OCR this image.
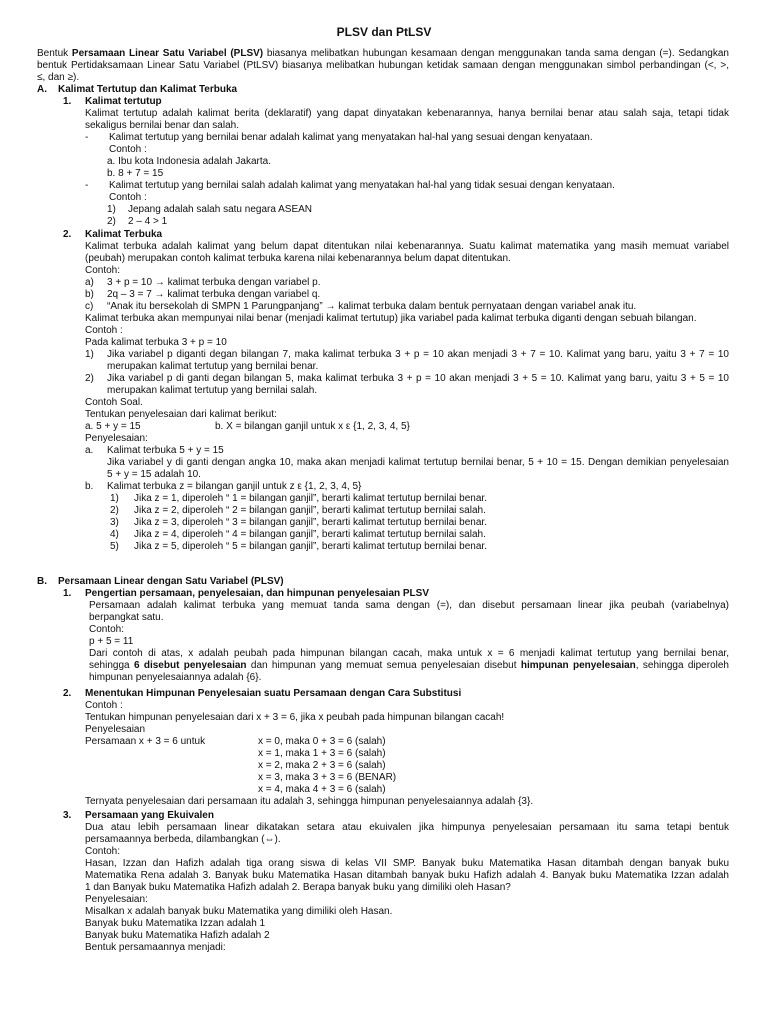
PLSV dan PtLSV
Bentuk Persamaan Linear Satu Variabel (PLSV) biasanya melibatkan hubungan kesamaan dengan menggunakan tanda sama dengan (=). Sedangkan
bentuk Pertidaksamaan Linear Satu Variabel (PtLSV) biasanya melibatkan hubungan ketidak samaan dengan menggunakan simbol perbandingan (<, >,
≤, dan ≥).
A. Kalimat Tertutup dan Kalimat Terbuka
1. Kalimat tertutup
Kalimat tertutup adalah kalimat berita (deklaratif) yang dapat dinyatakan kebenarannya, hanya bernilai benar atau salah saja, tetapi tidak
sekaligus bernilai benar dan salah.
- Kalimat tertutup yang bernilai benar adalah kalimat yang menyatakan hal-hal yang sesuai dengan kenyataan.
Contoh :
a. Ibu kota Indonesia adalah Jakarta.
b. 8 + 7 = 15
- Kalimat tertutup yang bernilai salah adalah kalimat yang menyatakan hal-hal yang tidak sesuai dengan kenyataan.
Contoh :
1) Jepang adalah salah satu negara ASEAN
2) 2 – 4 > 1
2. Kalimat Terbuka
Kalimat terbuka adalah kalimat yang belum dapat ditentukan nilai kebenarannya. Suatu kalimat matematika yang masih memuat variabel
(peubah) merupakan contoh kalimat terbuka karena nilai kebenarannya belum dapat ditentukan.
Contoh:
a) 3 + p = 10 → kalimat terbuka dengan variabel p.
b) 2q – 3 = 7 → kalimat terbuka dengan variabel q.
c) “Anak itu bersekolah di SMPN 1 Parungpanjang” → kalimat terbuka dalam bentuk pernyataan dengan variabel anak itu.
Kalimat terbuka akan mempunyai nilai benar (menjadi kalimat tertutup) jika variabel pada kalimat terbuka diganti dengan sebuah bilangan.
Contoh :
Pada kalimat terbuka 3 + p = 10
1) Jika variabel p diganti degan bilangan 7, maka kalimat terbuka 3 + p = 10 akan menjadi 3 + 7 = 10. Kalimat yang baru, yaitu 3 + 7 = 10
merupakan kalimat tertutup yang bernilai benar.
2) Jika variabel p di ganti degan bilangan 5, maka kalimat terbuka 3 + p = 10 akan menjadi 3 + 5 = 10. Kalimat yang baru, yaitu 3 + 5 = 10
merupakan kalimat tertutup yang bernilai salah.
Contoh Soal.
Tentukan penyelesaian dari kalimat berikut:
a. 5 + y = 15	b. X = bilangan ganjil untuk x ε {1, 2, 3, 4, 5}
Penyelesaian:
a. Kalimat terbuka 5 + y = 15
Jika variabel y di ganti dengan angka 10, maka akan menjadi kalimat tertutup bernilai benar, 5 + 10 = 15. Dengan demikian penyelesaian
5 + y = 15 adalah 10.
b. Kalimat terbuka z = bilangan ganjil untuk z ε {1, 2, 3, 4, 5}
1) Jika z = 1, diperoleh “ 1 = bilangan ganjil”, berarti kalimat tertutup bernilai benar.
2) Jika z = 2, diperoleh “ 2 = bilangan ganjil”, berarti kalimat tertutup bernilai salah.
3) Jika z = 3, diperoleh “ 3 = bilangan ganjil”, berarti kalimat tertutup bernilai benar.
4) Jika z = 4, diperoleh “ 4 = bilangan ganjil”, berarti kalimat tertutup bernilai salah.
5) Jika z = 5, diperoleh “ 5 = bilangan ganjil”, berarti kalimat tertutup bernilai benar.
B. Persamaan Linear dengan Satu Variabel (PLSV)
1. Pengertian persamaan, penyelesaian, dan himpunan penyelesaian PLSV
Persamaan adalah kalimat terbuka yang memuat tanda sama dengan (=), dan disebut persamaan linear jika peubah (variabelnya)
berpangkat satu.
Contoh:
p + 5 = 11
Dari contoh di atas, x adalah peubah pada himpunan bilangan cacah, maka untuk x = 6 menjadi kalimat tertutup yang bernilai benar,
sehingga 6 disebut penyelesaian dan himpunan yang memuat semua penyelesaian disebut himpunan penyelesaian, sehingga diperoleh
himpunan penyelesaiannya adalah {6}.
2. Menentukan Himpunan Penyelesaian suatu Persamaan dengan Cara Substitusi
Contoh :
Tentukan himpunan penyelesaian dari x + 3 = 6, jika x peubah pada himpunan bilangan cacah!
Penyelesaian
Persamaan x + 3 = 6 untuk	x = 0, maka 0 + 3 = 6 (salah)
x = 1, maka 1 + 3 = 6 (salah)
x = 2, maka 2 + 3 = 6 (salah)
x = 3, maka 3 + 3 = 6 (BENAR)
x = 4, maka 4 + 3 = 6 (salah)
Ternyata penyelesaian dari persamaan itu adalah 3, sehingga himpunan penyelesaiannya adalah {3}.
3. Persamaan yang Ekuivalen
Dua atau lebih persamaan linear dikatakan setara atau ekuivalen jika himpunya penyelesaian persamaan itu sama tetapi bentuk
persamaannya berbeda, dilambangkan (⇔).
Contoh:
Hasan, Izzan dan Hafizh adalah tiga orang siswa di kelas VII SMP. Banyak buku Matematika Hasan ditambah dengan banyak buku
Matematika Rena adalah 3. Banyak buku Matematika Hasan ditambah banyak buku Hafizh adalah 4. Banyak buku Matematika Izzan adalah
1 dan Banyak buku Matematika Hafizh adalah 2. Berapa banyak buku yang dimiliki oleh Hasan?
Penyelesaian:
Misalkan x adalah banyak buku Matematika yang dimiliki oleh Hasan.
Banyak buku Matematika Izzan adalah 1
Banyak buku Matematika Hafizh adalah 2
Bentuk persamaannya menjadi:
